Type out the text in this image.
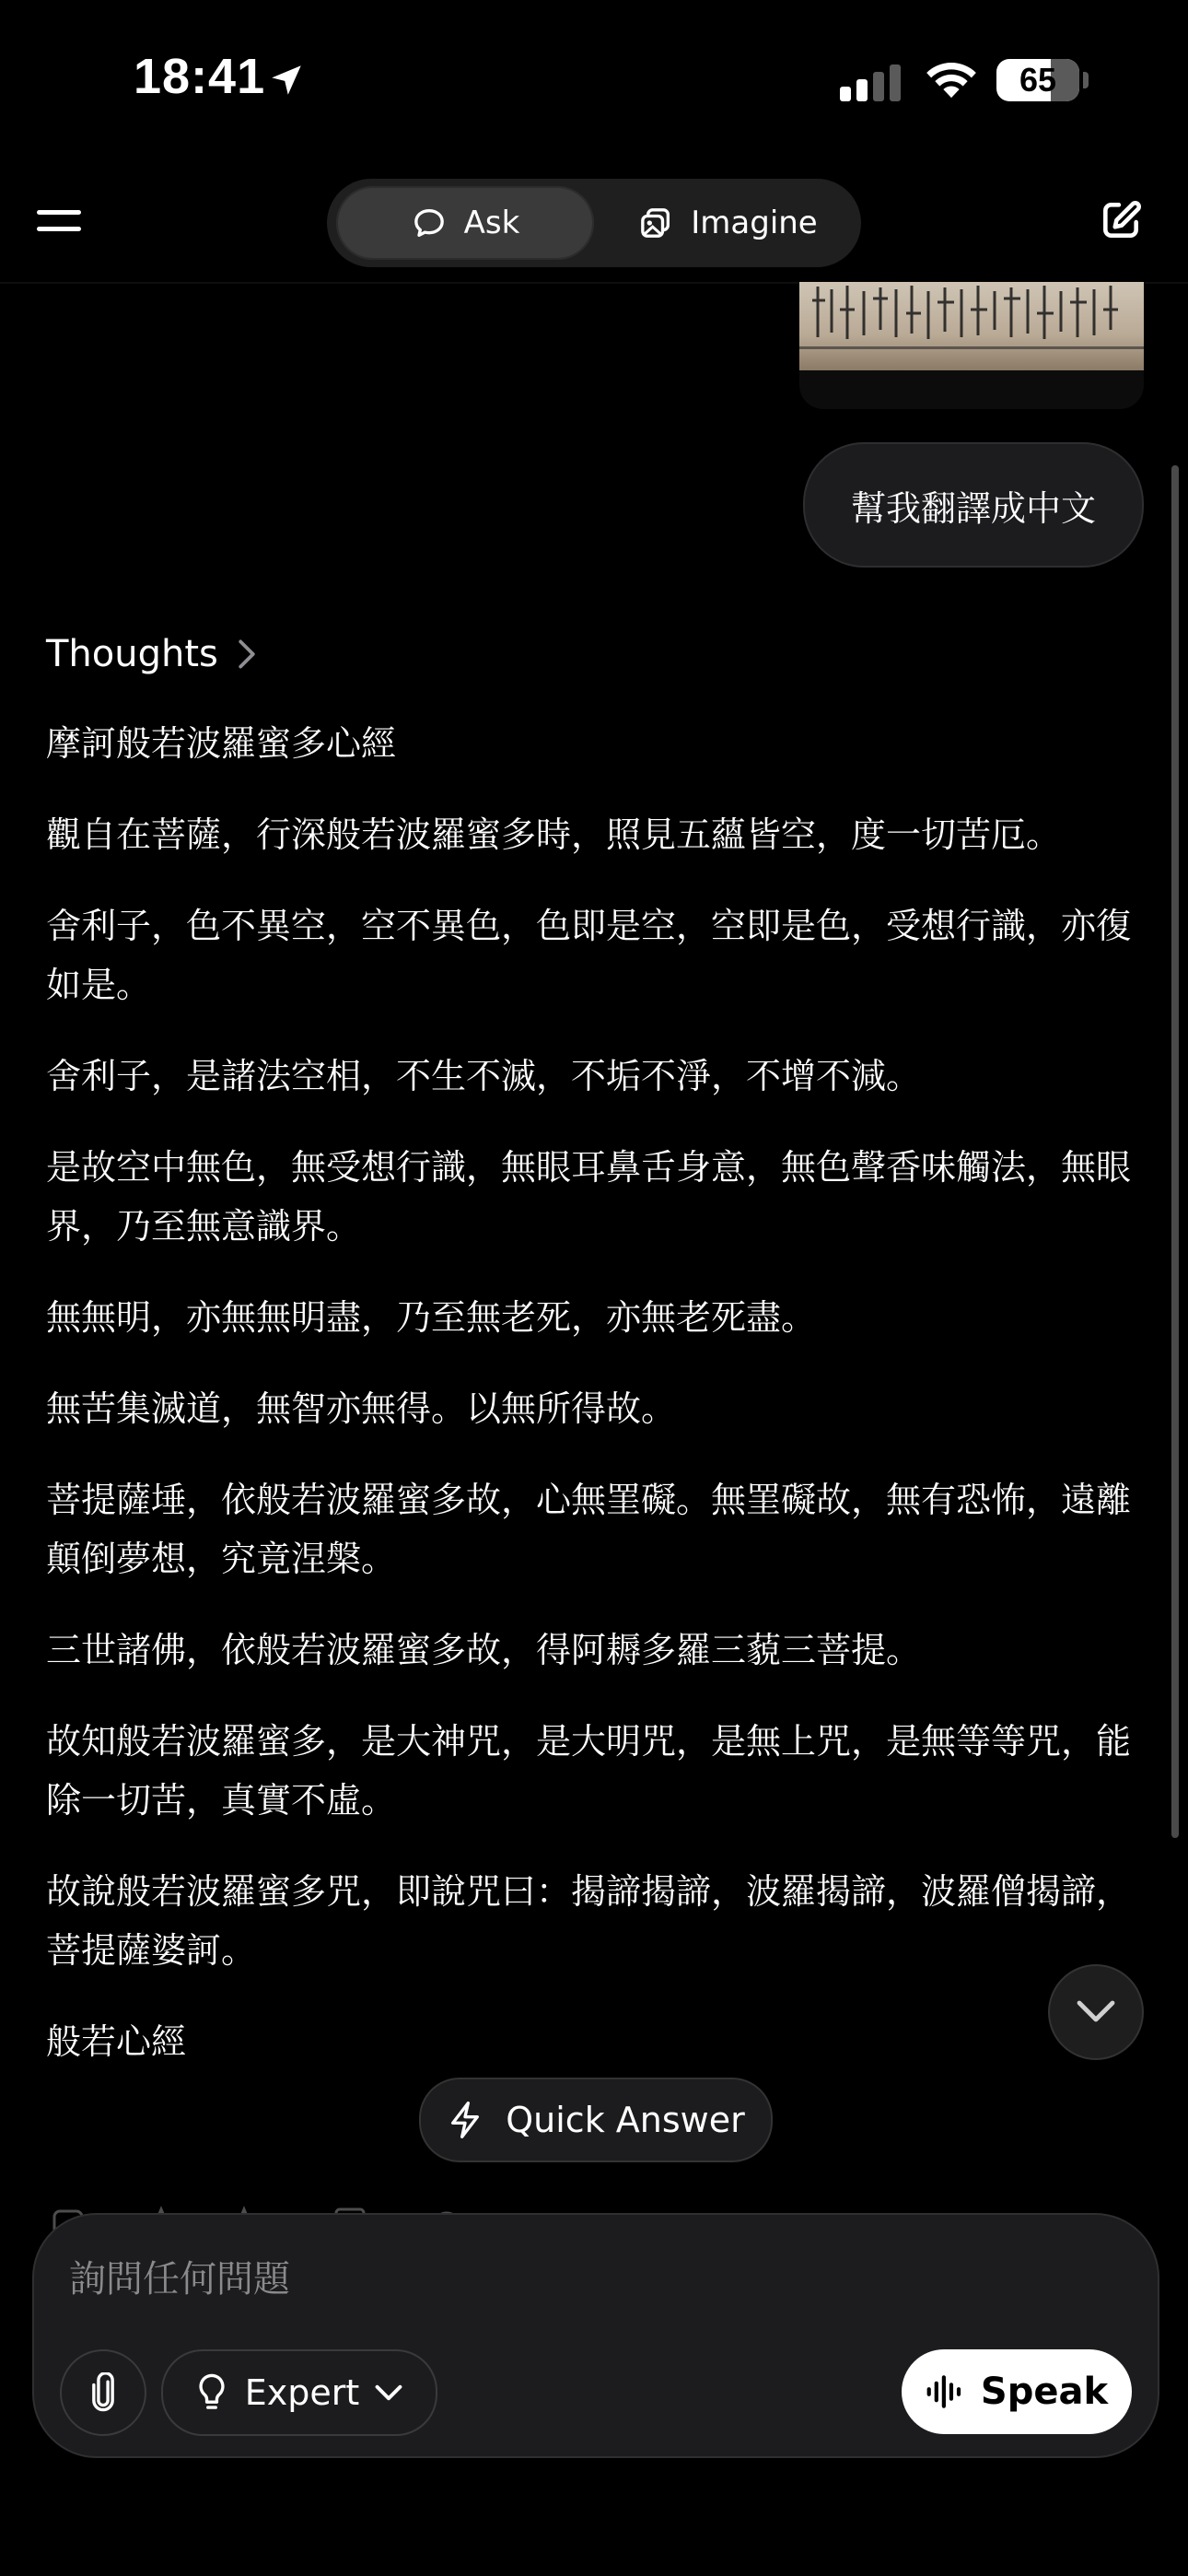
18:41	65
Ask	Imagine
幫我翻譯成中文
Thoughts

摩訶般若波羅蜜多心經

觀自在菩薩，行深般若波羅蜜多時，照見五蘊皆空，度一切苦厄。

舍利子，色不異空，空不異色，色即是空，空即是色，受想行識，亦復如是。

舍利子，是諸法空相，不生不滅，不垢不淨，不增不減。

是故空中無色，無受想行識，無眼耳鼻舌身意，無色聲香味觸法，無眼界，乃至無意識界。

無無明，亦無無明盡，乃至無老死，亦無老死盡。

無苦集滅道，無智亦無得。以無所得故。

菩提薩埵，依般若波羅蜜多故，心無罣礙。無罣礙故，無有恐怖，遠離顛倒夢想，究竟涅槃。

三世諸佛，依般若波羅蜜多故，得阿耨多羅三藐三菩提。

故知般若波羅蜜多，是大神咒，是大明咒，是無上咒，是無等等咒，能除一切苦，真實不虛。

故說般若波羅蜜多咒，即說咒曰：揭諦揭諦，波羅揭諦，波羅僧揭諦，菩提薩婆訶。

般若心經

Quick Answer
詢問任何問題
Expert	Speak
